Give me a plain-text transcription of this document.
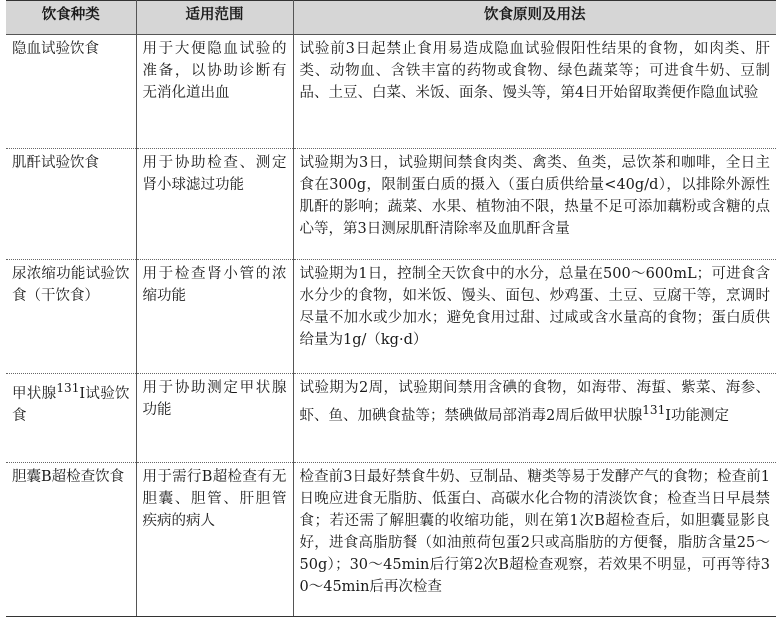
饮食种类	适用范围	饮食原则及用法

隐血试验饮食	用于大便隐血试验的准备，以协助诊断有无消化道出血	试验前3日起禁止食用易造成隐血试验假阳性结果的食物，如肉类、肝类、动物血、含铁丰富的药物或食物、绿色蔬菜等；可进食牛奶、豆制品、土豆、白菜、米饭、面条、馒头等，第4日开始留取粪便作隐血试验

肌酐试验饮食	用于协助检查、测定肾小球滤过功能	试验期为3日，试验期间禁食肉类、禽类、鱼类，忌饮茶和咖啡，全日主食在300g，限制蛋白质的摄入（蛋白质供给量<40g/d），以排除外源性肌酐的影响；蔬菜、水果、植物油不限，热量不足可添加藕粉或含糖的点心等，第3日测尿肌酐清除率及血肌酐含量

尿浓缩功能试验饮食（干饮食）	用于检查肾小管的浓缩功能	试验期为1日，控制全天饮食中的水分，总量在500～600mL；可进食含水分少的食物，如米饭、馒头、面包、炒鸡蛋、土豆、豆腐干等，烹调时尽量不加水或少加水；避免食用过甜、过咸或含水量高的食物；蛋白质供给量为1g/（kg·d）

甲状腺$^{131}$I试验饮食	用于协助测定甲状腺功能	试验期为2周，试验期间禁用含碘的食物，如海带、海蜇、紫菜、海参、虾、鱼、加碘食盐等；禁碘做局部消毒2周后做甲状腺$^{131}$I功能测定

胆囊B超检查饮食	用于需行B超检查有无胆囊、胆管、肝胆管疾病的病人	检查前3日最好禁食牛奶、豆制品、糖类等易于发酵产气的食物；检查前1日晚应进食无脂肪、低蛋白、高碳水化合物的清淡饮食；检查当日早晨禁食；若还需了解胆囊的收缩功能，则在第1次B超检查后，如胆囊显影良好，进食高脂肪餐（如油煎荷包蛋2只或高脂肪的方便餐，脂肪含量25～50g）；30～45min后行第2次B超检查观察，若效果不明显，可再等待30～45min后再次检查
